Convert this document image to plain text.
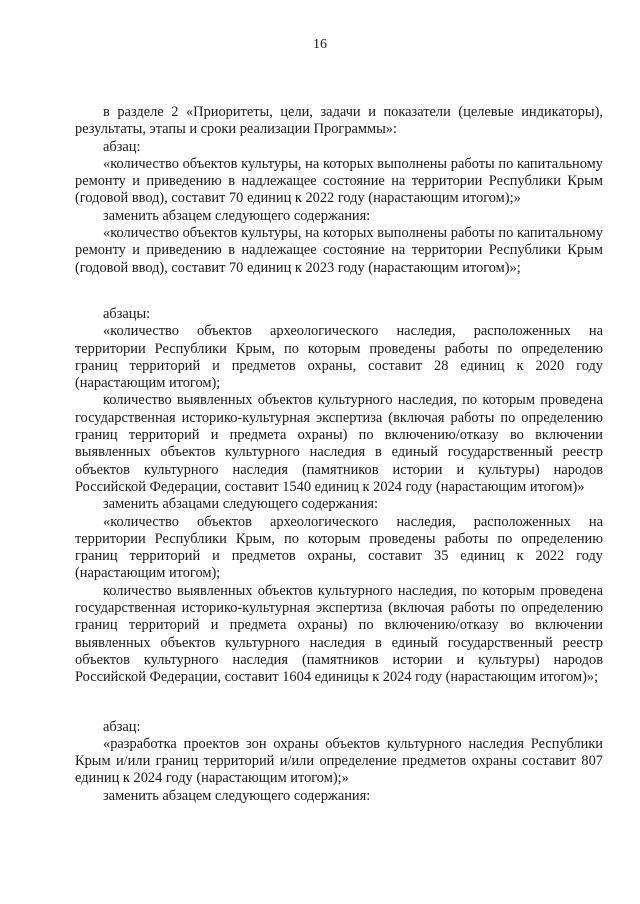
16

в разделе 2 «Приоритеты, цели, задачи и показатели (целевые индикаторы), результаты, этапы и сроки реализации Программы»:

абзац:

«количество объектов культуры, на которых выполнены работы по капитальному ремонту и приведению в надлежащее состояние на территории Республики Крым (годовой ввод), составит 70 единиц к 2022 году (нарастающим итогом);»

заменить абзацем следующего содержания:

«количество объектов культуры, на которых выполнены работы по капитальному ремонту и приведению в надлежащее состояние на территории Республики Крым (годовой ввод), составит 70 единиц к 2023 году (нарастающим итогом)»;

абзацы:

«количество объектов археологического наследия, расположенных на территории Республики Крым, по которым проведены работы по определению границ территорий и предметов охраны, составит 28 единиц к 2020 году (нарастающим итогом);

количество выявленных объектов культурного наследия, по которым проведена государственная историко-культурная экспертиза (включая работы по определению границ территорий и предмета охраны) по включению/отказу во включении выявленных объектов культурного наследия в единый государственный реестр объектов культурного наследия (памятников истории и культуры) народов Российской Федерации, составит 1540 единиц к 2024 году (нарастающим итогом)»

заменить абзацами следующего содержания:

«количество объектов археологического наследия, расположенных на территории Республики Крым, по которым проведены работы по определению границ территорий и предметов охраны, составит 35 единиц к 2022 году (нарастающим итогом);

количество выявленных объектов культурного наследия, по которым проведена государственная историко-культурная экспертиза (включая работы по определению границ территорий и предмета охраны) по включению/отказу во включении выявленных объектов культурного наследия в единый государственный реестр объектов культурного наследия (памятников истории и культуры) народов Российской Федерации, составит 1604 единицы к 2024 году (нарастающим итогом)»;

абзац:

«разработка проектов зон охраны объектов культурного наследия Республики Крым и/или границ территорий и/или определение предметов охраны составит 807 единиц к 2024 году (нарастающим итогом);»

заменить абзацем следующего содержания:
